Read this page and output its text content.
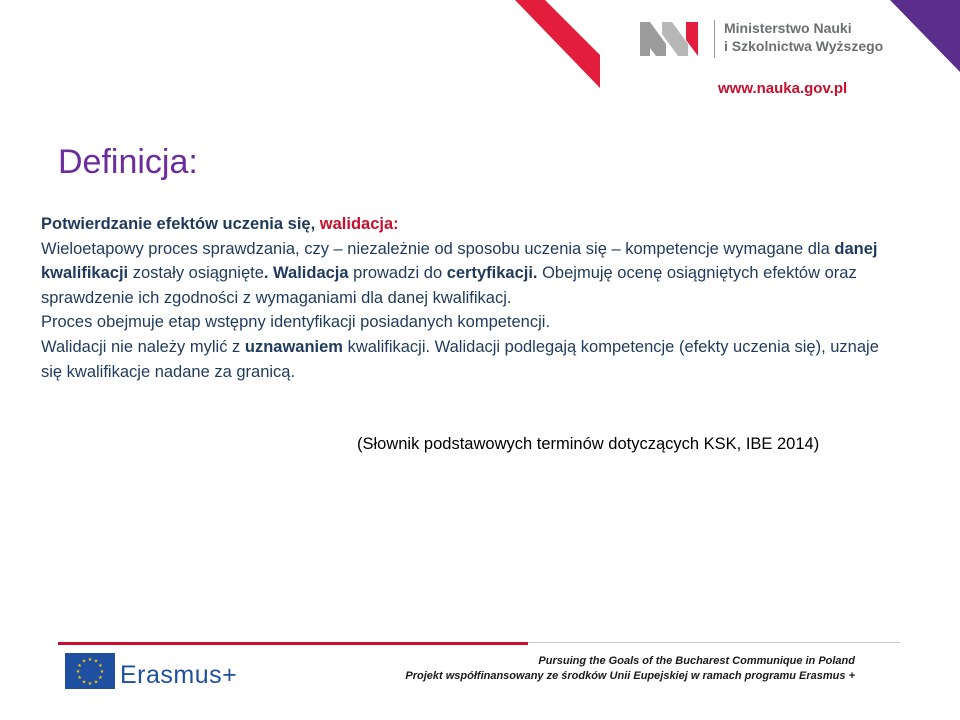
Ministerstwo Nauki
i Szkolnictwa Wyższego
www.nauka.gov.pl
Definicja:

Potwierdzanie efektów uczenia się, walidacja:

Wieloetapowy proces sprawdzania, czy – niezależnie od sposobu uczenia się – kompetencje wymagane dla danej kwalifikacji zostały osiągnięte. Walidacja prowadzi do certyfikacji. Obejmuję ocenę osiągniętych efektów oraz sprawdzenie ich zgodności z wymaganiami dla danej kwalifikacj.

Proces obejmuje etap wstępny identyfikacji posiadanych kompetencji.

Walidacji nie należy mylić z uznawaniem kwalifikacji. Walidacji podlegają kompetencje (efekty uczenia się), uznaje się kwalifikacje nadane za granicą.

(Słownik podstawowych terminów dotyczących KSK, IBE 2014)
★ ★
★
★
★
★
★
★
★
★
★
★ Erasmus+	Pursuing the Goals of the Bucharest Communique in Poland
Projekt współfinansowany ze środków Unii Eupejskiej w ramach programu Erasmus +
